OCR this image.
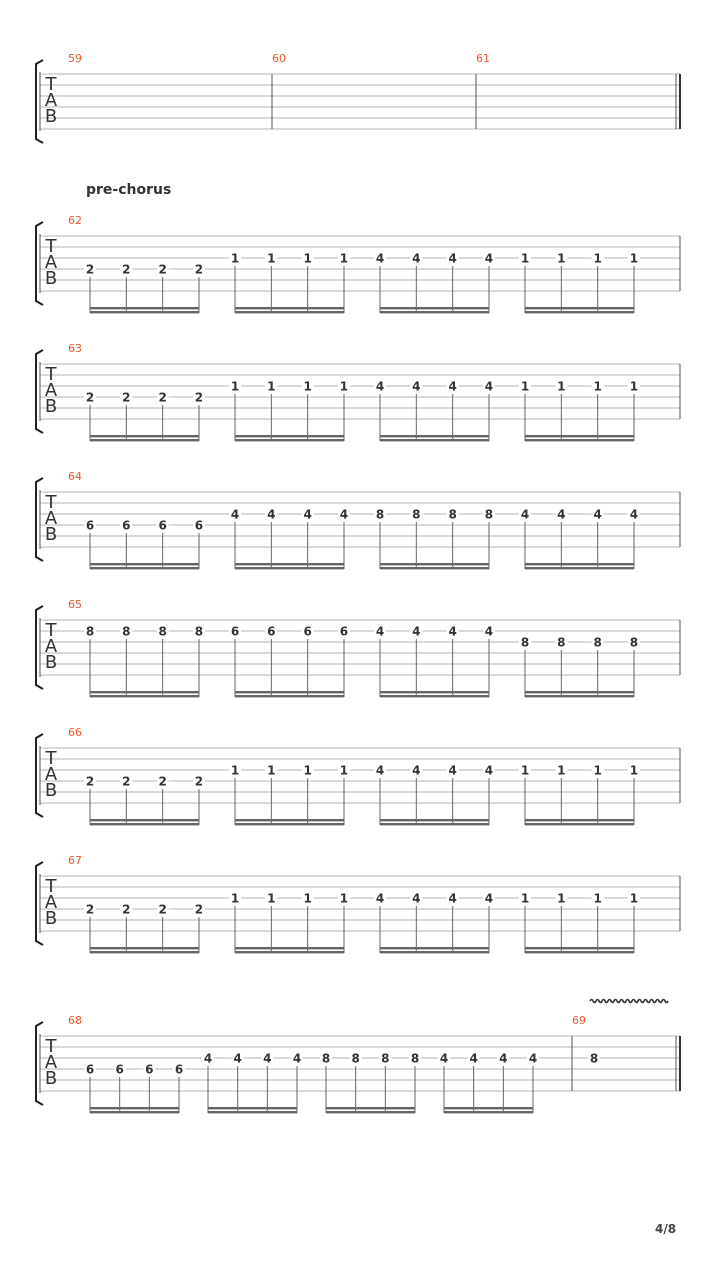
T
A
B
59	60	61
T
A
B
62
2 2 2 2
1 1 1 1 4 4 4 4 1 1 1 1
T
A
B
63
2 2 2 2
1 1 1 1 4 4 4 4 1 1 1 1
T
A
B
64
6 6 6 6
4 4 4 4 8 8 8 8 4 4 4 4
T
A
B
65
8 8 8 8 6 6 6 6 4 4 4 4
8 8 8 8
T
A
B
66
2 2 2 2
1 1 1 1 4 4 4 4 1 1 1 1
T
A
B
67
2 2 2 2
1 1 1 1 4 4 4 4 1 1 1 1
T
A
B
68	69
6 6 6 6
4 4 4 4 8 8 8 8 4 4 4 4	8
pre-chorus
4/8
